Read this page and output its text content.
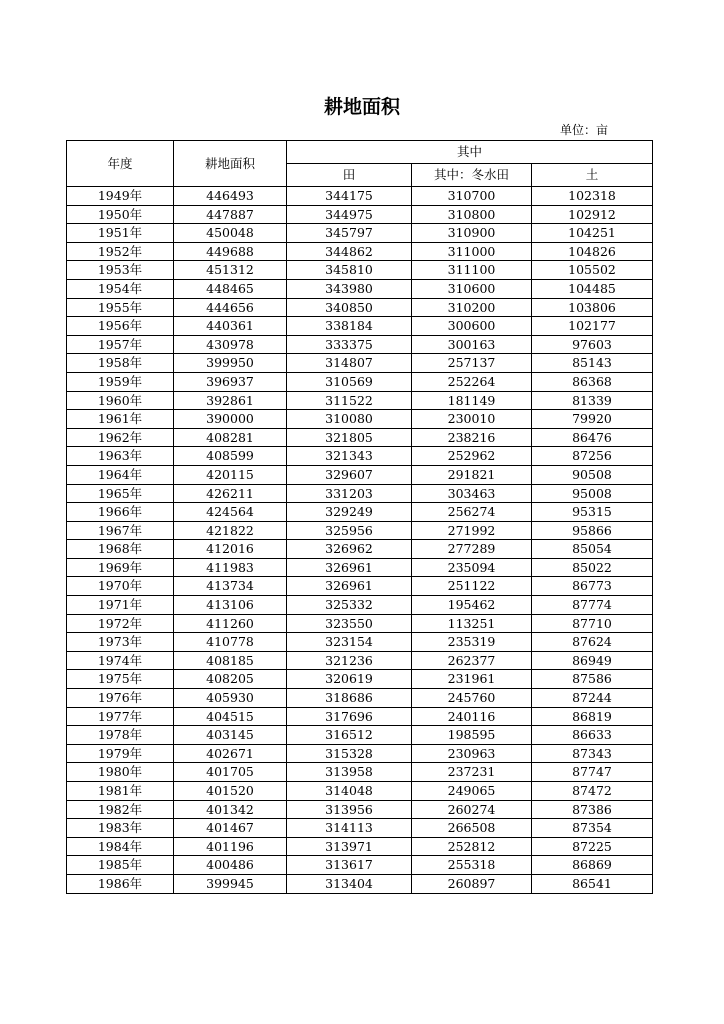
耕地面积
单位：亩
年度	耕地面积	其中		
		田	其中：冬水田	土
1949年	446493	344175	310700	102318
1950年	447887	344975	310800	102912
1951年	450048	345797	310900	104251
1952年	449688	344862	311000	104826
1953年	451312	345810	311100	105502
1954年	448465	343980	310600	104485
1955年	444656	340850	310200	103806
1956年	440361	338184	300600	102177
1957年	430978	333375	300163	97603
1958年	399950	314807	257137	85143
1959年	396937	310569	252264	86368
1960年	392861	311522	181149	81339
1961年	390000	310080	230010	79920
1962年	408281	321805	238216	86476
1963年	408599	321343	252962	87256
1964年	420115	329607	291821	90508
1965年	426211	331203	303463	95008
1966年	424564	329249	256274	95315
1967年	421822	325956	271992	95866
1968年	412016	326962	277289	85054
1969年	411983	326961	235094	85022
1970年	413734	326961	251122	86773
1971年	413106	325332	195462	87774
1972年	411260	323550	113251	87710
1973年	410778	323154	235319	87624
1974年	408185	321236	262377	86949
1975年	408205	320619	231961	87586
1976年	405930	318686	245760	87244
1977年	404515	317696	240116	86819
1978年	403145	316512	198595	86633
1979年	402671	315328	230963	87343
1980年	401705	313958	237231	87747
1981年	401520	314048	249065	87472
1982年	401342	313956	260274	87386
1983年	401467	314113	266508	87354
1984年	401196	313971	252812	87225
1985年	400486	313617	255318	86869
1986年	399945	313404	260897	86541
